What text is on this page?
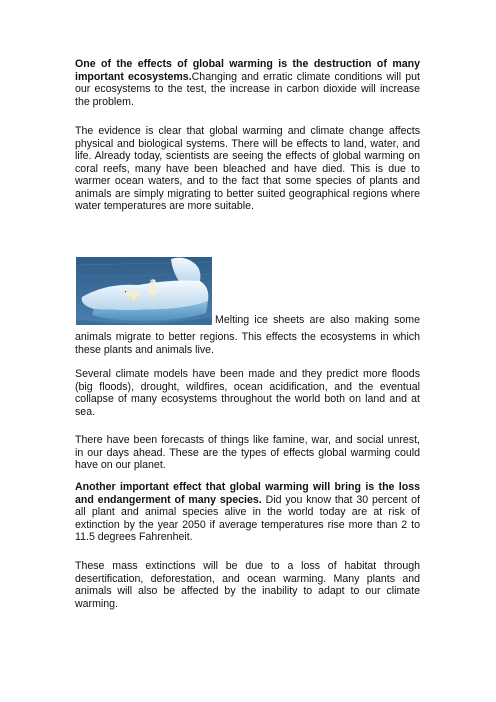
One of the effects of global warming is the destruction of many important ecosystems.Changing and erratic climate conditions will put our ecosystems to the test, the increase in carbon dioxide will increase the problem.

The evidence is clear that global warming and climate change affects physical and biological systems. There will be effects to land, water, and life. Already today, scientists are seeing the effects of global warming on coral reefs, many have been bleached and have died. This is due to warmer ocean waters, and to the fact that some species of plants and animals are simply migrating to better suited geographical regions where water temperatures are more suitable.

Melting ice sheets are also making some

animals migrate to better regions. This effects the ecosystems in which these plants and animals live.

Several climate models have been made and they predict more floods (big floods), drought, wildfires, ocean acidification, and the eventual collapse of many ecosystems throughout the world both on land and at sea.

There have been forecasts of things like famine, war, and social unrest, in our days ahead. These are the types of effects global warming could have on our planet.

Another important effect that global warming will bring is the loss and endangerment of many species. Did you know that 30 percent of all plant and animal species alive in the world today are at risk of extinction by the year 2050 if average temperatures rise more than 2 to 11.5 degrees Fahrenheit.

These mass extinctions will be due to a loss of habitat through desertification, deforestation, and ocean warming. Many plants and animals will also be affected by the inability to adapt to our climate warming.
